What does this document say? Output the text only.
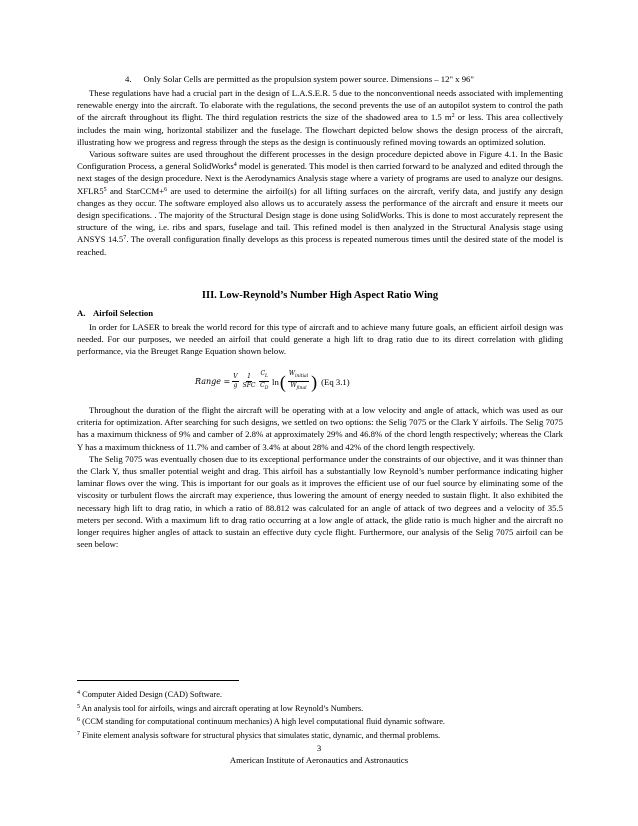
4. Only Solar Cells are permitted as the propulsion system power source. Dimensions – 12" x 96"

These regulations have had a crucial part in the design of L.A.S.E.R. 5 due to the nonconventional needs associated with implementing renewable energy into the aircraft. To elaborate with the regulations, the second prevents the use of an autopilot system to control the path of the aircraft throughout its flight. The third regulation restricts the size of the shadowed area to 1.5 $m^2$ or less. This area collectively includes the main wing, horizontal stabilizer and the fuselage. The flowchart depicted below shows the design process of the aircraft, illustrating how we progress and regress through the steps as the design is continuously refined moving towards an optimized solution.

Various software suites are used throughout the different processes in the design procedure depicted above in Figure 4.1. In the Basic Configuration Process, a general SolidWorks$^4$ model is generated. This model is then carried forward to be analyzed and edited through the next stages of the design procedure. Next is the Aerodynamics Analysis stage where a variety of programs are used to analyze our designs. $XFLR5^5$ and StarCCM+$^6$ are used to determine the airfoil(s) for all lifting surfaces on the aircraft, verify data, and justify any design changes as they occur. The software employed also allows us to accurately assess the performance of the aircraft and ensure it meets our design specifications. . The majority of the Structural Design stage is done using SolidWorks. This is done to most accurately represent the structure of the wing, i.e. ribs and spars, fuselage and tail. This refined model is then analyzed in the Structural Analysis stage using ANSYS 14.5$^7$. The overall configuration finally develops as this process is repeated numerous times until the desired state of the model is reached.

III. Low-Reynold’s Number High Aspect Ratio Wing
A. Airfoil Selection

In order for LASER to break the world record for this type of aircraft and to achieve many future goals, an efficient airfoil design was needed. For our purposes, we needed an airfoil that could generate a high lift to drag ratio due to its direct correlation with gliding performance, via the Breuget Range Equation shown below.

Range = $\frac{V}{g} \frac{1}{\text{SFC}} \frac{C_L}{C_D}$ ln ( $\frac{W_{initial}}{W_{final}}$ ) (Eq 3.1)

Throughout the duration of the flight the aircraft will be operating with at a low velocity and angle of attack, which was used as our criteria for optimization. After searching for such designs, we settled on two options: the Selig 7075 or the Clark Y airfoils. The Selig 7075 has a maximum thickness of 9% and camber of 2.8% at approximately 29% and 46.8% of the chord length respectively; whereas the Clark Y has a maximum thickness of 11.7% and camber of 3.4% at about 28% and 42% of the chord length respectively.

The Selig 7075 was eventually chosen due to its exceptional performance under the constraints of our objective, and it was thinner than the Clark Y, thus smaller potential weight and drag. This airfoil has a substantially low Reynold’s number performance indicating higher laminar flows over the wing. This is important for our goals as it improves the efficient use of our fuel source by eliminating some of the viscosity or turbulent flows the aircraft may experience, thus lowering the amount of energy needed to sustain flight. It also exhibited the necessary high lift to drag ratio, in which a ratio of 88.812 was calculated for an angle of attack of two degrees and a velocity of 35.5 meters per second. With a maximum lift to drag ratio occurring at a low angle of attack, the glide ratio is much higher and the aircraft no longer requires higher angles of attack to sustain an effective duty cycle flight. Furthermore, our analysis of the Selig 7075 airfoil can be seen below:

$^4$ Computer Aided Design (CAD) Software.

$^5$ An analysis tool for airfoils, wings and aircraft operating at low Reynold’s Numbers.

$^6$ (CCM standing for computational continuum mechanics) A high level computational fluid dynamic software.

$^7$ Finite element analysis software for structural physics that simulates static, dynamic, and thermal problems.

3
American Institute of Aeronautics and Astronautics
